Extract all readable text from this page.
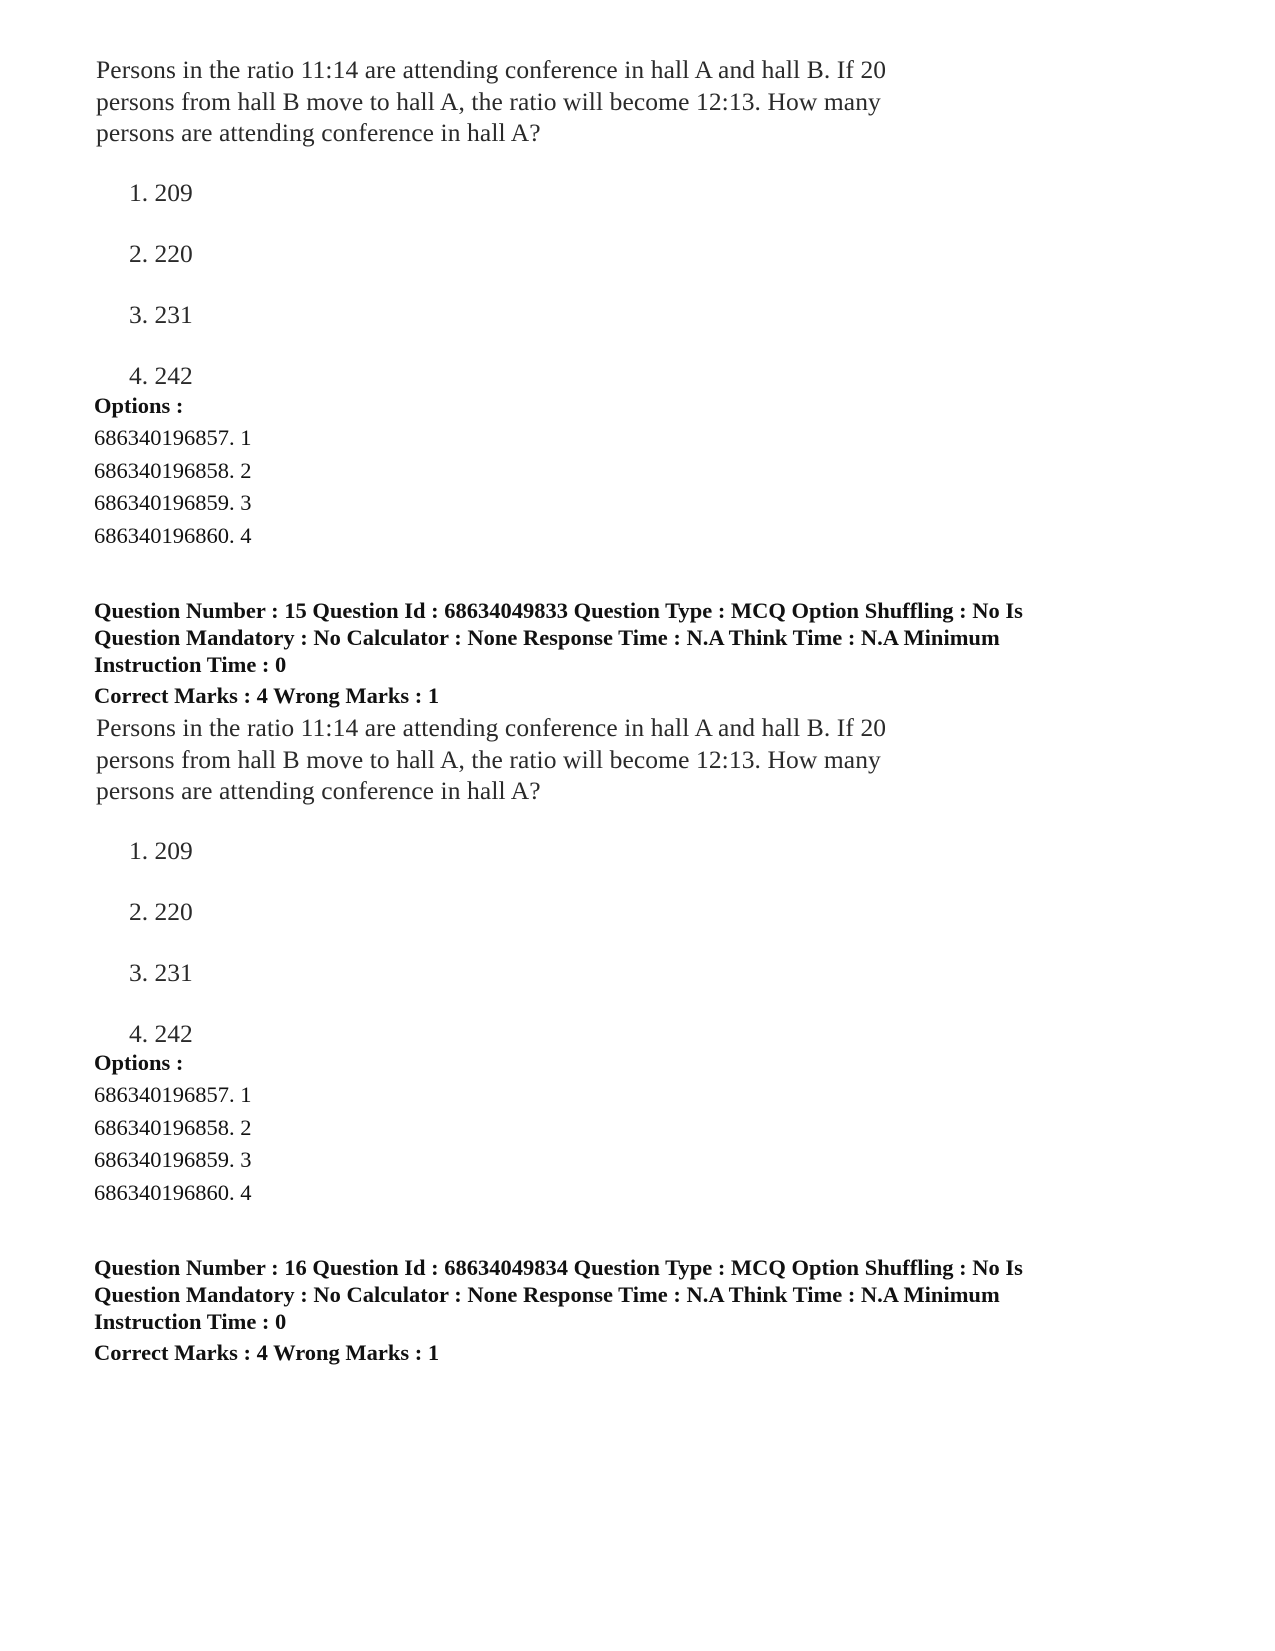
Persons in the ratio 11:14 are attending conference in hall A and hall B. If 20
persons from hall B move to hall A, the ratio will become 12:13. How many
persons are attending conference in hall A?
1. 209
2. 220
3. 231
4. 242
Options :
686340196857. 1
686340196858. 2
686340196859. 3
686340196860. 4
Question Number : 15 Question Id : 68634049833 Question Type : MCQ Option Shuffling : No Is
Question Mandatory : No Calculator : None Response Time : N.A Think Time : N.A Minimum
Instruction Time : 0
Correct Marks : 4 Wrong Marks : 1
Persons in the ratio 11:14 are attending conference in hall A and hall B. If 20
persons from hall B move to hall A, the ratio will become 12:13. How many
persons are attending conference in hall A?
1. 209
2. 220
3. 231
4. 242
Options :
686340196857. 1
686340196858. 2
686340196859. 3
686340196860. 4
Question Number : 16 Question Id : 68634049834 Question Type : MCQ Option Shuffling : No Is
Question Mandatory : No Calculator : None Response Time : N.A Think Time : N.A Minimum
Instruction Time : 0
Correct Marks : 4 Wrong Marks : 1
